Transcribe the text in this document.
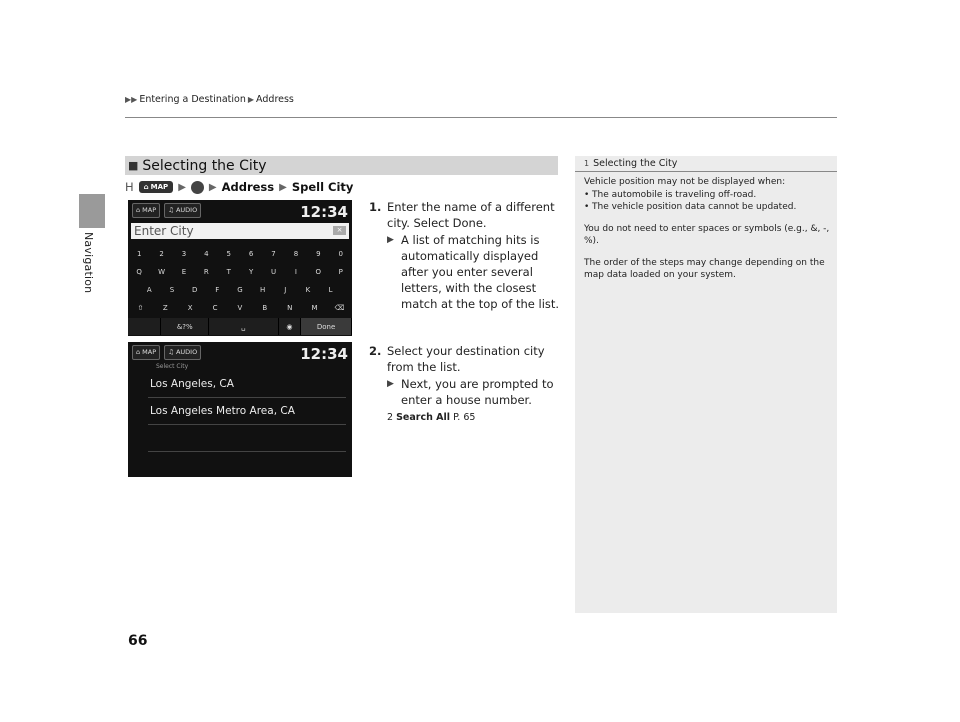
Navigation
▶▶ Entering a Destination ▶ Address
■ Selecting the City
H	⌂ MAP ▶ ▶ Address ▶ Spell City
⌂ MAP	♫ AUDIO	12:34
Enter City	×
1	2	3	4	5	6	7	8	9	0
Q	W	E	R	T	Y	U	I	O	P
A	S	D	F	G	H	J	K	L
⇧	Z	X	C	V	B	N	M	⌫
&?%	␣	◉	Done
⌂ MAP	♫ AUDIO	12:34
Select City
Los Angeles, CA
Los Angeles Metro Area, CA
1. Enter the name of a different city. Select Done.
▶ A list of matching hits is automatically displayed after you enter several letters, with the closest match at the top of the list.
2. Select your destination city from the list.
▶ Next, you are prompted to enter a house number.
2 Search All P. 65
1 Selecting the City
Vehicle position may not be displayed when:
• The automobile is traveling off-road.
• The vehicle position data cannot be updated.

You do not need to enter spaces or symbols (e.g., &, -, %).

The order of the steps may change depending on the map data loaded on your system.

66
